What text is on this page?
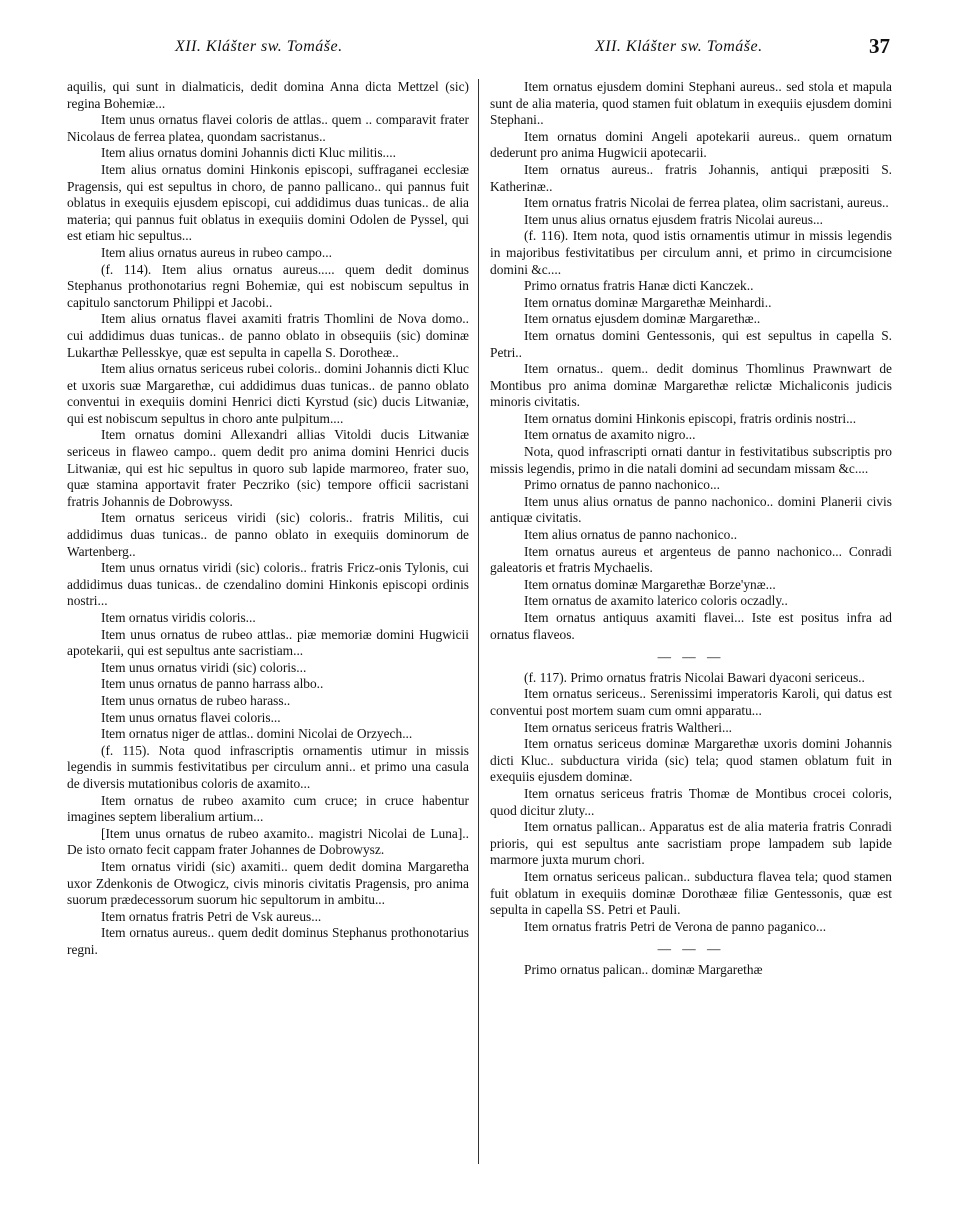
XII. Klášter sw. Tomáše.	XII. Klášter sw. Tomáše.	37

aquilis, qui sunt in dialmaticis, dedit domina Anna dicta Mettzel (sic) regina Bohemiæ...

Item unus ornatus flavei coloris de attlas.. quem .. comparavit frater Nicolaus de ferrea platea, quondam sacristanus..

Item alius ornatus domini Johannis dicti Kluc militis....

Item alius ornatus domini Hinkonis episcopi, suffraganei ecclesiæ Pragensis, qui est sepultus in choro, de panno pallicano.. qui pannus fuit oblatus in exequiis ejusdem episcopi, cui addidimus duas tunicas.. de alia materia; qui pannus fuit oblatus in exequiis domini Odolen de Pyssel, qui est etiam hic sepultus...

Item alius ornatus aureus in rubeo campo...

(f. 114). Item alius ornatus aureus..... quem dedit dominus Stephanus prothonotarius regni Bohemiæ, qui est nobiscum sepultus in capitulo sanctorum Philippi et Jacobi..

Item alius ornatus flavei axamiti fratris Thomlini de Nova domo.. cui addidimus duas tunicas.. de panno oblato in obsequiis (sic) dominæ Lukarthæ Pellesskye, quæ est sepulta in capella S. Dorotheæ..

Item alius ornatus sericeus rubei coloris.. domini Johannis dicti Kluc et uxoris suæ Margarethæ, cui addidimus duas tunicas.. de panno oblato conventui in exequiis domini Henrici dicti Kyrstud (sic) ducis Litwaniæ, qui est nobiscum sepultus in choro ante pulpitum....

Item ornatus domini Allexandri allias Vitoldi ducis Litwaniæ sericeus in flaweo campo.. quem dedit pro anima domini Henrici ducis Litwaniæ, qui est hic sepultus in quoro sub lapide marmoreo, frater suo, quæ stamina apportavit frater Peczriko (sic) tempore officii sacristani fratris Johannis de Dobrowyss.

Item ornatus sericeus viridi (sic) coloris.. fratris Militis, cui addidimus duas tunicas.. de panno oblato in exequiis dominorum de Wartenberg..

Item unus ornatus viridi (sic) coloris.. fratris Fricz-onis Tylonis, cui addidimus duas tunicas.. de czendalino domini Hinkonis episcopi ordinis nostri...

Item ornatus viridis coloris...

Item unus ornatus de rubeo attlas.. piæ memoriæ domini Hugwicii apotekarii, qui est sepultus ante sacristiam...

Item unus ornatus viridi (sic) coloris...

Item unus ornatus de panno harrass albo..

Item unus ornatus de rubeo harass..

Item unus ornatus flavei coloris...

Item ornatus niger de attlas.. domini Nicolai de Orzyech...

(f. 115). Nota quod infrascriptis ornamentis utimur in missis legendis in summis festivitatibus per circulum anni.. et primo una casula de diversis mutationibus coloris de axamito...

Item ornatus de rubeo axamito cum cruce; in cruce habentur imagines septem liberalium artium...

[Item unus ornatus de rubeo axamito.. magistri Nicolai de Luna].. De isto ornato fecit cappam frater Johannes de Dobrowysz.

Item ornatus viridi (sic) axamiti.. quem dedit domina Margaretha uxor Zdenkonis de Otwogicz, civis minoris civitatis Pragensis, pro anima suorum prædecessorum suorum hic sepultorum in ambitu...

Item ornatus fratris Petri de Vsk aureus...

Item ornatus aureus.. quem dedit dominus Stephanus prothonotarius regni.

Item ornatus ejusdem domini Stephani aureus.. sed stola et mapula sunt de alia materia, quod stamen fuit oblatum in exequiis ejusdem domini Stephani..

Item ornatus domini Angeli apotekarii aureus.. quem ornatum dederunt pro anima Hugwicii apotecarii.

Item ornatus aureus.. fratris Johannis, antiqui præpositi S. Katherinæ..

Item ornatus fratris Nicolai de ferrea platea, olim sacristani, aureus..

Item unus alius ornatus ejusdem fratris Nicolai aureus...

(f. 116). Item nota, quod istis ornamentis utimur in missis legendis in majoribus festivitatibus per circulum anni, et primo in circumcisione domini &c....

Primo ornatus fratris Hanæ dicti Kanczek..

Item ornatus dominæ Margarethæ Meinhardi..

Item ornatus ejusdem dominæ Margarethæ..

Item ornatus domini Gentessonis, qui est sepultus in capella S. Petri..

Item ornatus.. quem.. dedit dominus Thomlinus Prawnwart de Montibus pro anima dominæ Margarethæ relictæ Michaliconis judicis minoris civitatis.

Item ornatus domini Hinkonis episcopi, fratris ordinis nostri...

Item ornatus de axamito nigro...

Nota, quod infrascripti ornati dantur in festivitatibus subscriptis pro missis legendis, primo in die natali domini ad secundam missam &c....

Primo ornatus de panno nachonico...

Item unus alius ornatus de panno nachonico.. domini Planerii civis antiquæ civitatis.

Item alius ornatus de panno nachonico..

Item ornatus aureus et argenteus de panno nachonico... Conradi galeatoris et fratris Mychaelis.

Item ornatus dominæ Margarethæ Borze'ynæ...

Item ornatus de axamito laterico coloris oczadly..

Item ornatus antiquus axamiti flavei... Iste est positus infra ad ornatus flaveos.

— — —

(f. 117). Primo ornatus fratris Nicolai Bawari dyaconi sericeus..

Item ornatus sericeus.. Serenissimi imperatoris Karoli, qui datus est conventui post mortem suam cum omni apparatu...

Item ornatus sericeus fratris Waltheri...

Item ornatus sericeus dominæ Margarethæ uxoris domini Johannis dicti Kluc.. subductura virida (sic) tela; quod stamen oblatum fuit in exequiis ejusdem dominæ.

Item ornatus sericeus fratris Thomæ de Montibus crocei coloris, quod dicitur zluty...

Item ornatus pallican.. Apparatus est de alia materia fratris Conradi prioris, qui est sepultus ante sacristiam prope lampadem sub lapide marmore juxta murum chori.

Item ornatus sericeus palican.. subductura flavea tela; quod stamen fuit oblatum in exequiis dominæ Dorothææ filiæ Gentessonis, quæ est sepulta in capella SS. Petri et Pauli.

Item ornatus fratris Petri de Verona de panno paganico...

— — —

Primo ornatus palican.. dominæ Margarethæ
